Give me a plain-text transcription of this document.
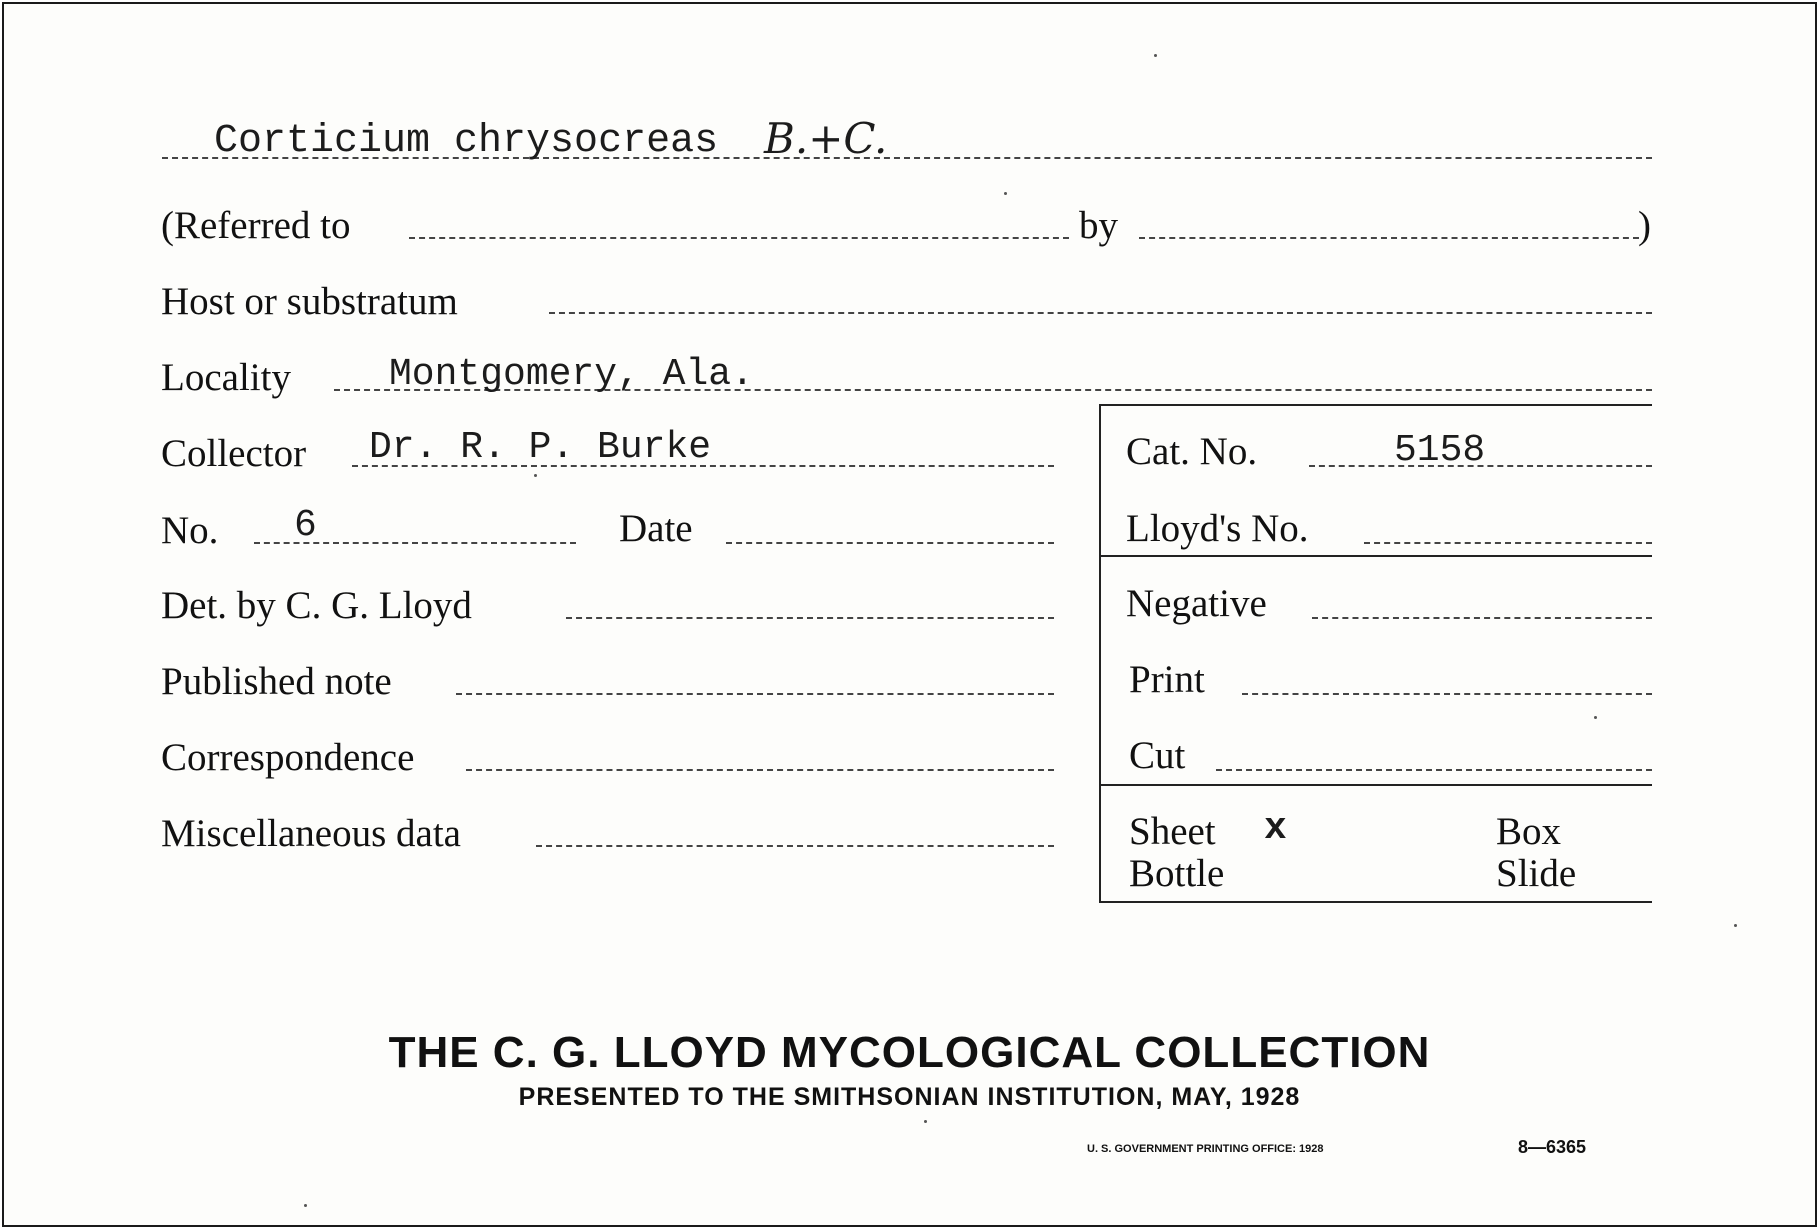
Corticium chrysocreas B.+C.
(Referred to	by	)
Host or substratum
Locality	Montgomery, Ala.
Collector Dr. R. P. Burke	Cat. No.	5158
No. 6	Date	Lloyd's No.
Det. by C. G. Lloyd	Negative
Published note	Print
Correspondence	Cut
Miscellaneous data	Sheet x	Box
Bottle	Slide
THE C. G. LLOYD MYCOLOGICAL COLLECTION
PRESENTED TO THE SMITHSONIAN INSTITUTION, MAY, 1928
U. S. GOVERNMENT PRINTING OFFICE: 1928	8—6365
